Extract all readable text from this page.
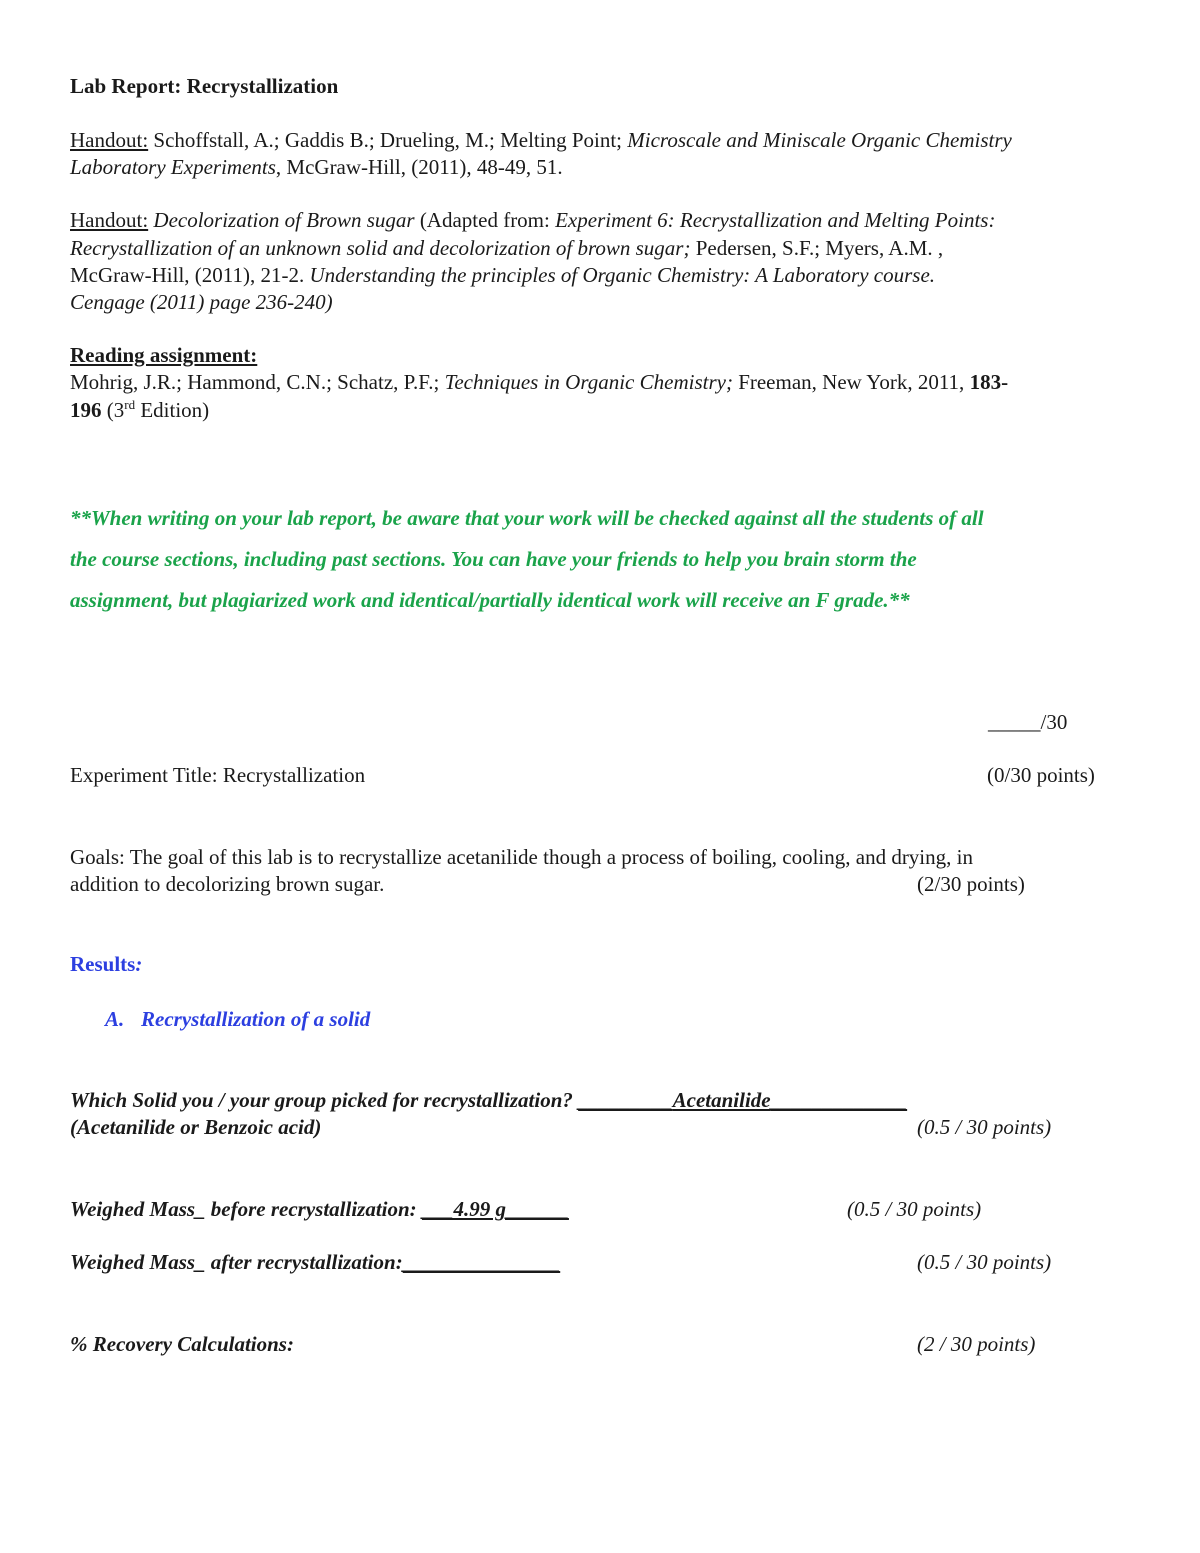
Lab Report: Recrystallization
Handout: Schoffstall, A.; Gaddis B.; Drueling, M.; Melting Point; Microscale and Miniscale Organic Chemistry
Laboratory Experiments, McGraw-Hill, (2011), 48-49, 51.
Handout: Decolorization of Brown sugar (Adapted from: Experiment 6: Recrystallization and Melting Points:
Recrystallization of an unknown solid and decolorization of brown sugar; Pedersen, S.F.; Myers, A.M. ,
McGraw-Hill, (2011), 21-2. Understanding the principles of Organic Chemistry: A Laboratory course.
Cengage (2011) page 236-240)
Reading assignment:
Mohrig, J.R.; Hammond, C.N.; Schatz, P.F.; Techniques in Organic Chemistry; Freeman, New York, 2011, 183-
196 (3rd Edition)
**When writing on your lab report, be aware that your work will be checked against all the students of all
the course sections, including past sections. You can have your friends to help you brain storm the
assignment, but plagiarized work and identical/partially identical work will receive an F grade.**
_____/30
Experiment Title: Recrystallization	(0/30 points)
Goals: The goal of this lab is to recrystallize acetanilide though a process of boiling, cooling, and drying, in
addition to decolorizing brown sugar.	(2/30 points)
Results:
A. Recrystallization of a solid
Which Solid you / your group picked for recrystallization? _________Acetanilide_____________
(Acetanilide or Benzoic acid)	(0.5 / 30 points)
Weighed Mass_ before recrystallization: ___4.99 g______	(0.5 / 30 points)
Weighed Mass_ after recrystallization:_______________	(0.5 / 30 points)
% Recovery Calculations:	(2 / 30 points)
